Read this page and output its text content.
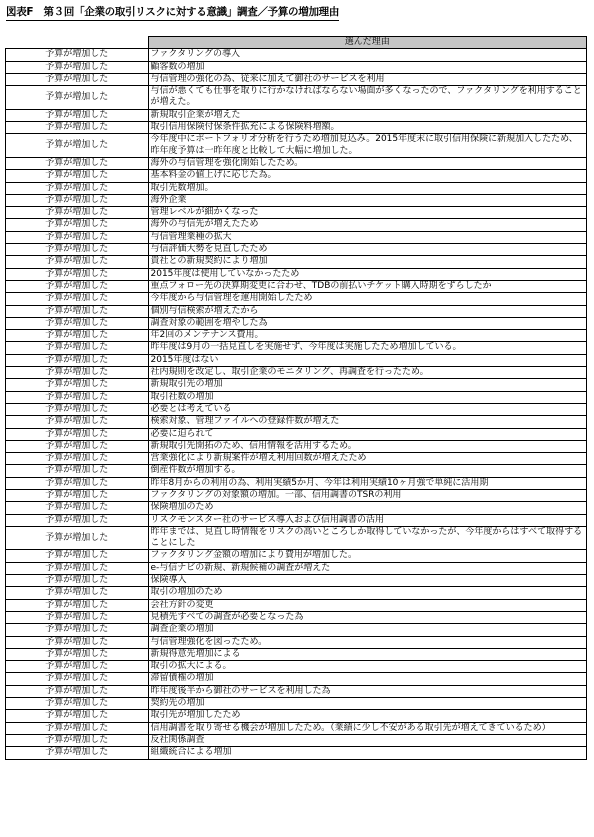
図表F　第３回「企業の取引リスクに対する意識」調査／予算の増加理由
	選んだ理由
予算が増加した	ファクタリングの導入
予算が増加した	顧客数の増加
予算が増加した	与信管理の強化の為、従来に加えて御社のサービスを利用
予算が増加した	与信が悪くても仕事を取りに行かなければならない場面が多くなったので、ファクタリングを利用することが増えた。
予算が増加した	新規取引企業が増えた
予算が増加した	取引信用保険付保条件拡充による保険料増額。
予算が増加した	今年度中にポートフォリオ分析を行うため増加見込み。2015年度末に取引信用保険に新規加入したため、昨年度予算は一昨年度と比較して大幅に増加した。
予算が増加した	海外の与信管理を強化開始したため。
予算が増加した	基本料金の値上げに応じた為。
予算が増加した	取引先数増加。
予算が増加した	海外企業
予算が増加した	管理レベルが細かくなった
予算が増加した	海外の与信先が増えたため
予算が増加した	与信管理業種の拡大
予算が増加した	与信評価大勢を見直したため
予算が増加した	貴社との新規契約により増加
予算が増加した	2015年度は使用していなかったため
予算が増加した	重点フォロー先の決算期変更に合わせ、TDBの前払いチケット購入時期をずらしたか
予算が増加した	今年度から与信管理を運用開始したため
予算が増加した	個別与信検索が増えたから
予算が増加した	調査対象の範囲を増やした為
予算が増加した	年2回のメンテナンス費用。
予算が増加した	昨年度は9月の一括見直しを実施せず、今年度は実施したため増加している。
予算が増加した	2015年度はない
予算が増加した	社内規則を改定し、取引企業のモニタリング、再調査を行ったため。
予算が増加した	新規取引先の増加
予算が増加した	取引社数の増加
予算が増加した	必要とは考えている
予算が増加した	検索対象、管理ファイルへの登録件数が増えた
予算が増加した	必要に迫られて
予算が増加した	新規取引先開拓のため、信用情報を活用するため。
予算が増加した	営業強化により新規案件が増え利用回数が増えたため
予算が増加した	倒産件数が増加する。
予算が増加した	昨年8月からの利用の為、利用実績5か月、今年は利用実績10ヶ月強で単純に活用期
予算が増加した	ファクタリングの対象額の増加。一部、信用調書のTSRの利用
予算が増加した	保険増加のため
予算が増加した	リスクモンスター社のサービス導入および信用調書の活用
予算が増加した	昨年までは、見直し時情報をリスクの高いところしか取得していなかったが、今年度からはすべて取得することにした
予算が増加した	ファクタリング金額の増加により費用が増加した。
予算が増加した	e-与信ナビの新規、新規候補の調査が増えた
予算が増加した	保険導入
予算が増加した	取引の増加のため
予算が増加した	会社方針の変更
予算が増加した	見積先すべての調査が必要となった為
予算が増加した	調査企業の増加
予算が増加した	与信管理強化を図ったため。
予算が増加した	新規得意先増加による
予算が増加した	取引の拡大による。
予算が増加した	滞留債権の増加
予算が増加した	昨年度後半から御社のサービスを利用した為
予算が増加した	契約先の増加
予算が増加した	取引先が増加したため
予算が増加した	信用調書を取り寄せる機会が増加したため。（業績に少し不安がある取引先が増えてきているため）
予算が増加した	反社関係調査
予算が増加した	組織統合による増加
